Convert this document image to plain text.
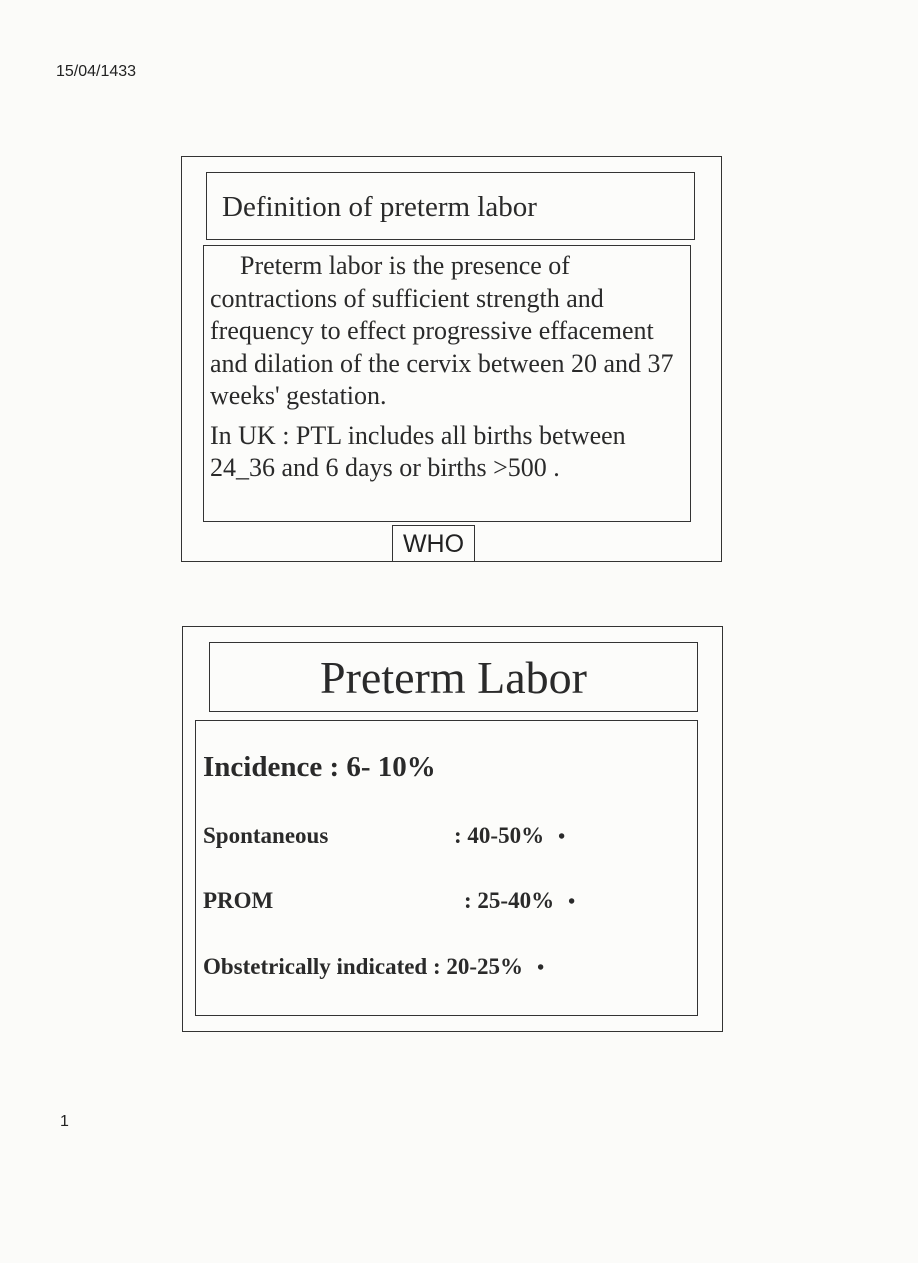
15/04/1433
Definition of preterm labor

Preterm labor is the presence of contractions of sufficient strength and frequency to effect progressive effacement and dilation of the cervix between 20 and 37 weeks' gestation.

In UK : PTL includes all births between 24_36 and 6 days or births >500 .

WHO
Preterm Labor
Incidence : 6- 10%
Spontaneous	: 40-50% •
PROM	: 25-40% •
Obstetrically indicated : 20-25% •
1
